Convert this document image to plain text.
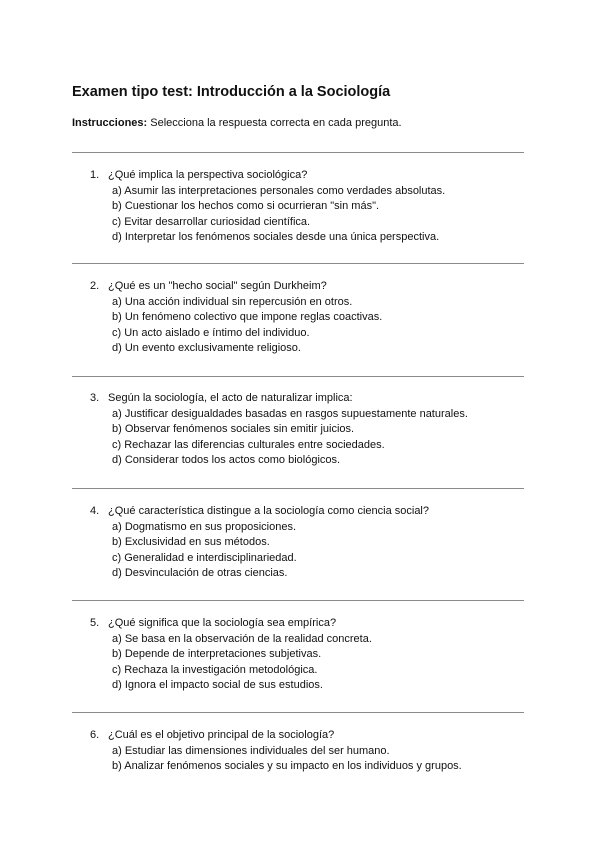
Examen tipo test: Introducción a la Sociología
Instrucciones: Selecciona la respuesta correcta en cada pregunta.
1. ¿Qué implica la perspectiva sociológica?
a) Asumir las interpretaciones personales como verdades absolutas.
b) Cuestionar los hechos como si ocurrieran "sin más".
c) Evitar desarrollar curiosidad científica.
d) Interpretar los fenómenos sociales desde una única perspectiva.
2. ¿Qué es un "hecho social" según Durkheim?
a) Una acción individual sin repercusión en otros.
b) Un fenómeno colectivo que impone reglas coactivas.
c) Un acto aislado e íntimo del individuo.
d) Un evento exclusivamente religioso.
3. Según la sociología, el acto de naturalizar implica:
a) Justificar desigualdades basadas en rasgos supuestamente naturales.
b) Observar fenómenos sociales sin emitir juicios.
c) Rechazar las diferencias culturales entre sociedades.
d) Considerar todos los actos como biológicos.
4. ¿Qué característica distingue a la sociología como ciencia social?
a) Dogmatismo en sus proposiciones.
b) Exclusividad en sus métodos.
c) Generalidad e interdisciplinariedad.
d) Desvinculación de otras ciencias.
5. ¿Qué significa que la sociología sea empírica?
a) Se basa en la observación de la realidad concreta.
b) Depende de interpretaciones subjetivas.
c) Rechaza la investigación metodológica.
d) Ignora el impacto social de sus estudios.
6. ¿Cuál es el objetivo principal de la sociología?
a) Estudiar las dimensiones individuales del ser humano.
b) Analizar fenómenos sociales y su impacto en los individuos y grupos.
